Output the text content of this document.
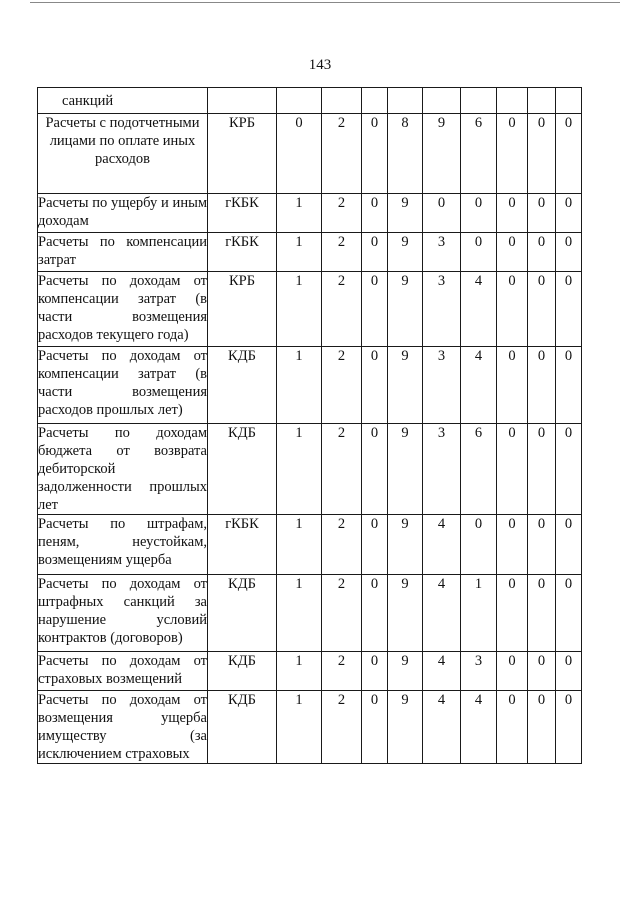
143
санкций										

Расчеты с подотчетными лицами по оплате иных расходов	КРБ	0	2	0	8	9	6	0	0	0

Расчеты по ущербу и иным доходам	гКБК	1	2	0	9	0	0	0	0	0

Расчеты по компенсации затрат	гКБК	1	2	0	9	3	0	0	0	0

Расчеты по доходам от компенсации затрат (в части возмещения расходов текущего года)	КРБ	1	2	0	9	3	4	0	0	0

Расчеты по доходам от компенсации затрат (в части возмещения расходов прошлых лет)	КДБ	1	2	0	9	3	4	0	0	0

Расчеты по доходам бюджета от возврата дебиторской задолженности прошлых лет	КДБ	1	2	0	9	3	6	0	0	0

Расчеты по штрафам, пеням, неустойкам, возмещениям ущерба	гКБК	1	2	0	9	4	0	0	0	0

Расчеты по доходам от штрафных санкций за нарушение условий контрактов (договоров)	КДБ	1	2	0	9	4	1	0	0	0

Расчеты по доходам от страховых возмещений	КДБ	1	2	0	9	4	3	0	0	0

Расчеты по доходам от возмещения ущерба имуществу (за исключением страховых	КДБ	1	2	0	9	4	4	0	0	0
